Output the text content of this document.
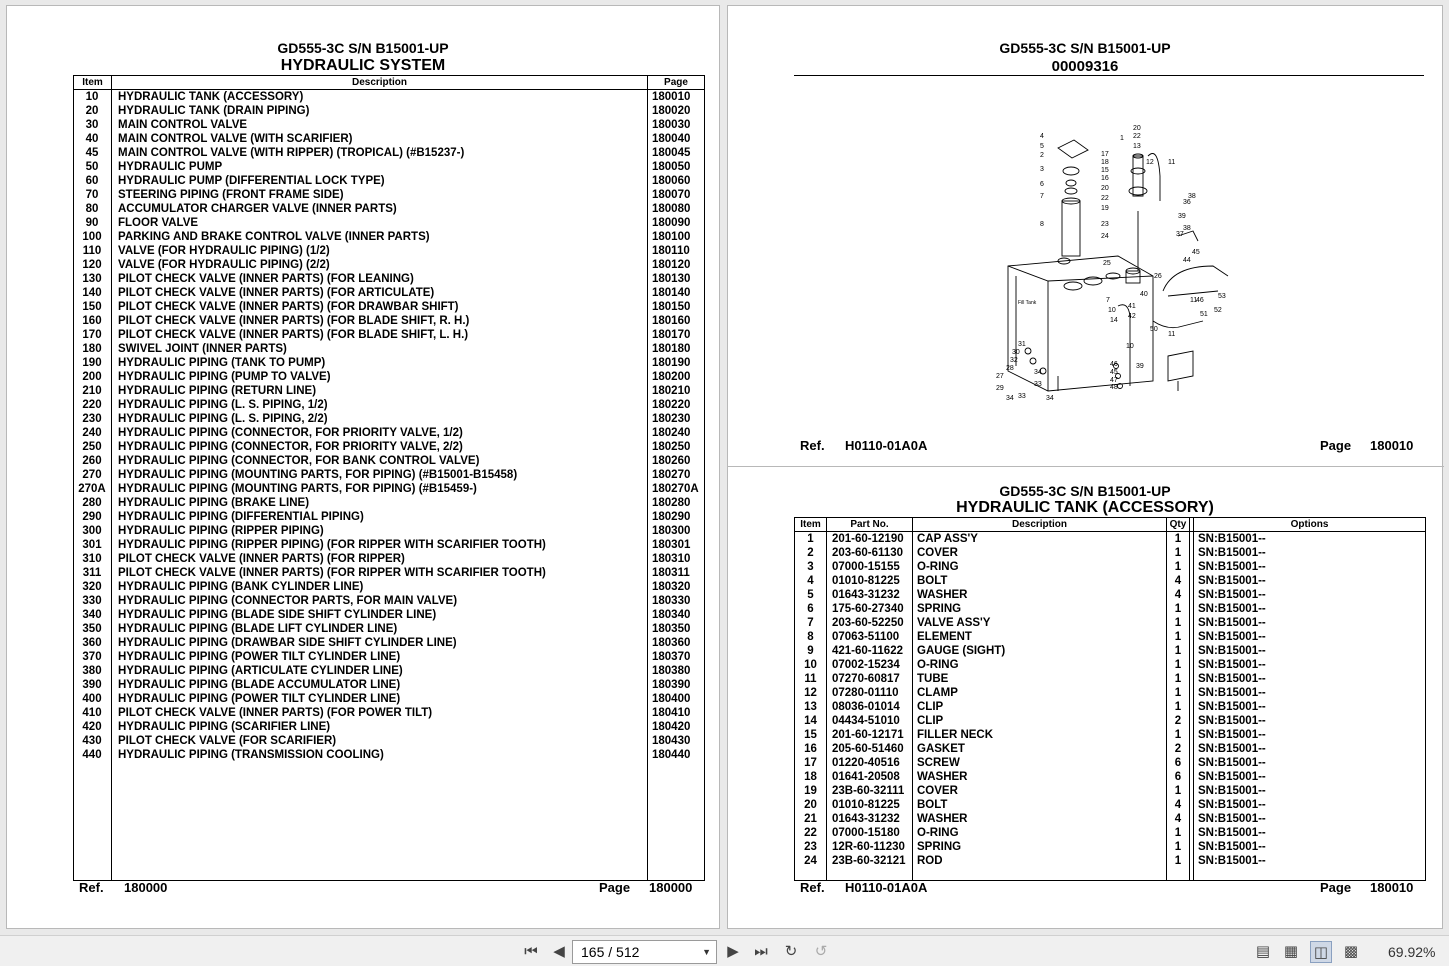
GD555-3C S/N B15001-UP
HYDRAULIC SYSTEM
Item	Description	Page
10	HYDRAULIC TANK (ACCESSORY)	180010
20	HYDRAULIC TANK (DRAIN PIPING)	180020
30	MAIN CONTROL VALVE	180030
40	MAIN CONTROL VALVE (WITH SCARIFIER)	180040
45	MAIN CONTROL VALVE (WITH RIPPER) (TROPICAL) (#B15237-)	180045
50	HYDRAULIC PUMP	180050
60	HYDRAULIC PUMP (DIFFERENTIAL LOCK TYPE)	180060
70	STEERING PIPING (FRONT FRAME SIDE)	180070
80	ACCUMULATOR CHARGER VALVE (INNER PARTS)	180080
90	FLOOR VALVE	180090
100	PARKING AND BRAKE CONTROL VALVE (INNER PARTS)	180100
110	VALVE (FOR HYDRAULIC PIPING) (1/2)	180110
120	VALVE (FOR HYDRAULIC PIPING) (2/2)	180120
130	PILOT CHECK VALVE (INNER PARTS) (FOR LEANING)	180130
140	PILOT CHECK VALVE (INNER PARTS) (FOR ARTICULATE)	180140
150	PILOT CHECK VALVE (INNER PARTS) (FOR DRAWBAR SHIFT)	180150
160	PILOT CHECK VALVE (INNER PARTS) (FOR BLADE SHIFT, R. H.)	180160
170	PILOT CHECK VALVE (INNER PARTS) (FOR BLADE SHIFT, L. H.)	180170
180	SWIVEL JOINT (INNER PARTS)	180180
190	HYDRAULIC PIPING (TANK TO PUMP)	180190
200	HYDRAULIC PIPING (PUMP TO VALVE)	180200
210	HYDRAULIC PIPING (RETURN LINE)	180210
220	HYDRAULIC PIPING (L. S. PIPING, 1/2)	180220
230	HYDRAULIC PIPING (L. S. PIPING, 2/2)	180230
240	HYDRAULIC PIPING (CONNECTOR, FOR PRIORITY VALVE, 1/2)	180240
250	HYDRAULIC PIPING (CONNECTOR, FOR PRIORITY VALVE, 2/2)	180250
260	HYDRAULIC PIPING (CONNECTOR, FOR BANK CONTROL VALVE)	180260
270	HYDRAULIC PIPING (MOUNTING PARTS, FOR PIPING) (#B15001-B15458)	180270
270A	HYDRAULIC PIPING (MOUNTING PARTS, FOR PIPING) (#B15459-)	180270A
280	HYDRAULIC PIPING (BRAKE LINE)	180280
290	HYDRAULIC PIPING (DIFFERENTIAL PIPING)	180290
300	HYDRAULIC PIPING (RIPPER PIPING)	180300
301	HYDRAULIC PIPING (RIPPER PIPING) (FOR RIPPER WITH SCARIFIER TOOTH)	180301
310	PILOT CHECK VALVE (INNER PARTS) (FOR RIPPER)	180310
311	PILOT CHECK VALVE (INNER PARTS) (FOR RIPPER WITH SCARIFIER TOOTH)	180311
320	HYDRAULIC PIPING (BANK CYLINDER LINE)	180320
330	HYDRAULIC PIPING (CONNECTOR PARTS, FOR MAIN VALVE)	180330
340	HYDRAULIC PIPING (BLADE SIDE SHIFT CYLINDER LINE)	180340
350	HYDRAULIC PIPING (BLADE LIFT CYLINDER LINE)	180350
360	HYDRAULIC PIPING (DRAWBAR SIDE SHIFT CYLINDER LINE)	180360
370	HYDRAULIC PIPING (POWER TILT CYLINDER LINE)	180370
380	HYDRAULIC PIPING (ARTICULATE CYLINDER LINE)	180380
390	HYDRAULIC PIPING (BLADE ACCUMULATOR LINE)	180390
400	HYDRAULIC PIPING (POWER TILT CYLINDER LINE)	180400
410	PILOT CHECK VALVE (INNER PARTS) (FOR POWER TILT)	180410
420	HYDRAULIC PIPING (SCARIFIER LINE)	180420
430	PILOT CHECK VALVE (FOR SCARIFIER)	180430
440	HYDRAULIC PIPING (TRANSMISSION COOLING)	180440
Ref. 180000	Page 180000
GD555-3C S/N B15001-UP
00009316
4
5
2
3
6
7
8
20
22
13
1
17
18
15
16
20
22
19
23
24
25
12 11
36
38
39
38
37
45
44
26
40
41
42
11
46
53
52
51
50
11
7
10
14
10
39
31
30
32
28
27
29
34 33
33
34
34
46
45
47
48
Fill Tank
Ref. H0110-01A0A	Page 180010
GD555-3C S/N B15001-UP
HYDRAULIC TANK (ACCESSORY)
Item	Part No.	Description	Qty	Options
1	201-60-12190 CAP ASS'Y	1	SN:B15001--
2	203-60-61130 COVER	1	SN:B15001--
3	07000-15155 O-RING	1	SN:B15001--
4	01010-81225 BOLT	4	SN:B15001--
5	01643-31232 WASHER	4	SN:B15001--
6	175-60-27340 SPRING	1	SN:B15001--
7	203-60-52250 VALVE ASS'Y	1	SN:B15001--
8	07063-51100 ELEMENT	1	SN:B15001--
9	421-60-11622 GAUGE (SIGHT)	1	SN:B15001--
10	07002-15234 O-RING	1	SN:B15001--
11	07270-60817 TUBE	1	SN:B15001--
12	07280-01110 CLAMP	1	SN:B15001--
13	08036-01014 CLIP	1	SN:B15001--
14	04434-51010 CLIP	2	SN:B15001--
15	201-60-12171 FILLER NECK	1	SN:B15001--
16	205-60-51460 GASKET	2	SN:B15001--
17	01220-40516 SCREW	6	SN:B15001--
18	01641-20508 WASHER	6	SN:B15001--
19	23B-60-32111 COVER	1	SN:B15001--
20	01010-81225 BOLT	4	SN:B15001--
21	01643-31232 WASHER	4	SN:B15001--
22	07000-15180 O-RING	1	SN:B15001--
23	12R-60-11230 SPRING	1	SN:B15001--
24	23B-60-32121 ROD	1	SN:B15001--
Ref. H0110-01A0A	Page 180010
⏮	◀	165 / 512	▼	▶	⏭	↻	↺	▤ ▦ ◫ ▩ 69.92%
